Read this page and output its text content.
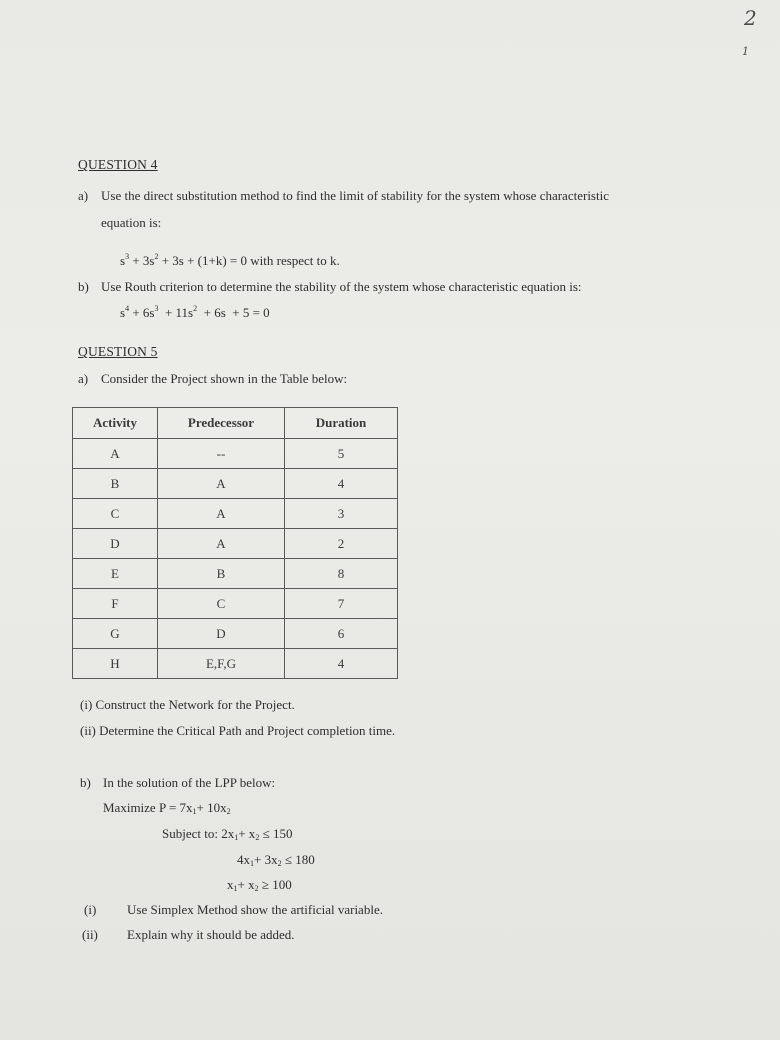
2
1
QUESTION 4
a) Use the direct substitution method to find the limit of stability for the system whose characteristic
equation is:
$s^3 + 3s^2 + 3s + (1+k) = 0$ with respect to k.
b) Use Routh criterion to determine the stability of the system whose characteristic equation is:
$s^4 + 6s^3 + 11s^2 + 6s + 5 = 0$
QUESTION 5
a) Consider the Project shown in the Table below:
Activity	Predecessor	Duration
A	--	5
B	A	4
C	A	3
D	A	2
E	B	8
F	C	7
G	D	6
H	E,F,G	4
(i) Construct the Network for the Project.
(ii) Determine the Critical Path and Project completion time.
b) In the solution of the LPP below:
Maximize $P = 7x_1+ 10x_2$
Subject to: $2x_1+ x_2 \le 150$
$4x_1+ 3x_2 \le 180$
$x_1+ x_2 \ge 100$
(i) Use Simplex Method show the artificial variable.
(ii) Explain why it should be added.
